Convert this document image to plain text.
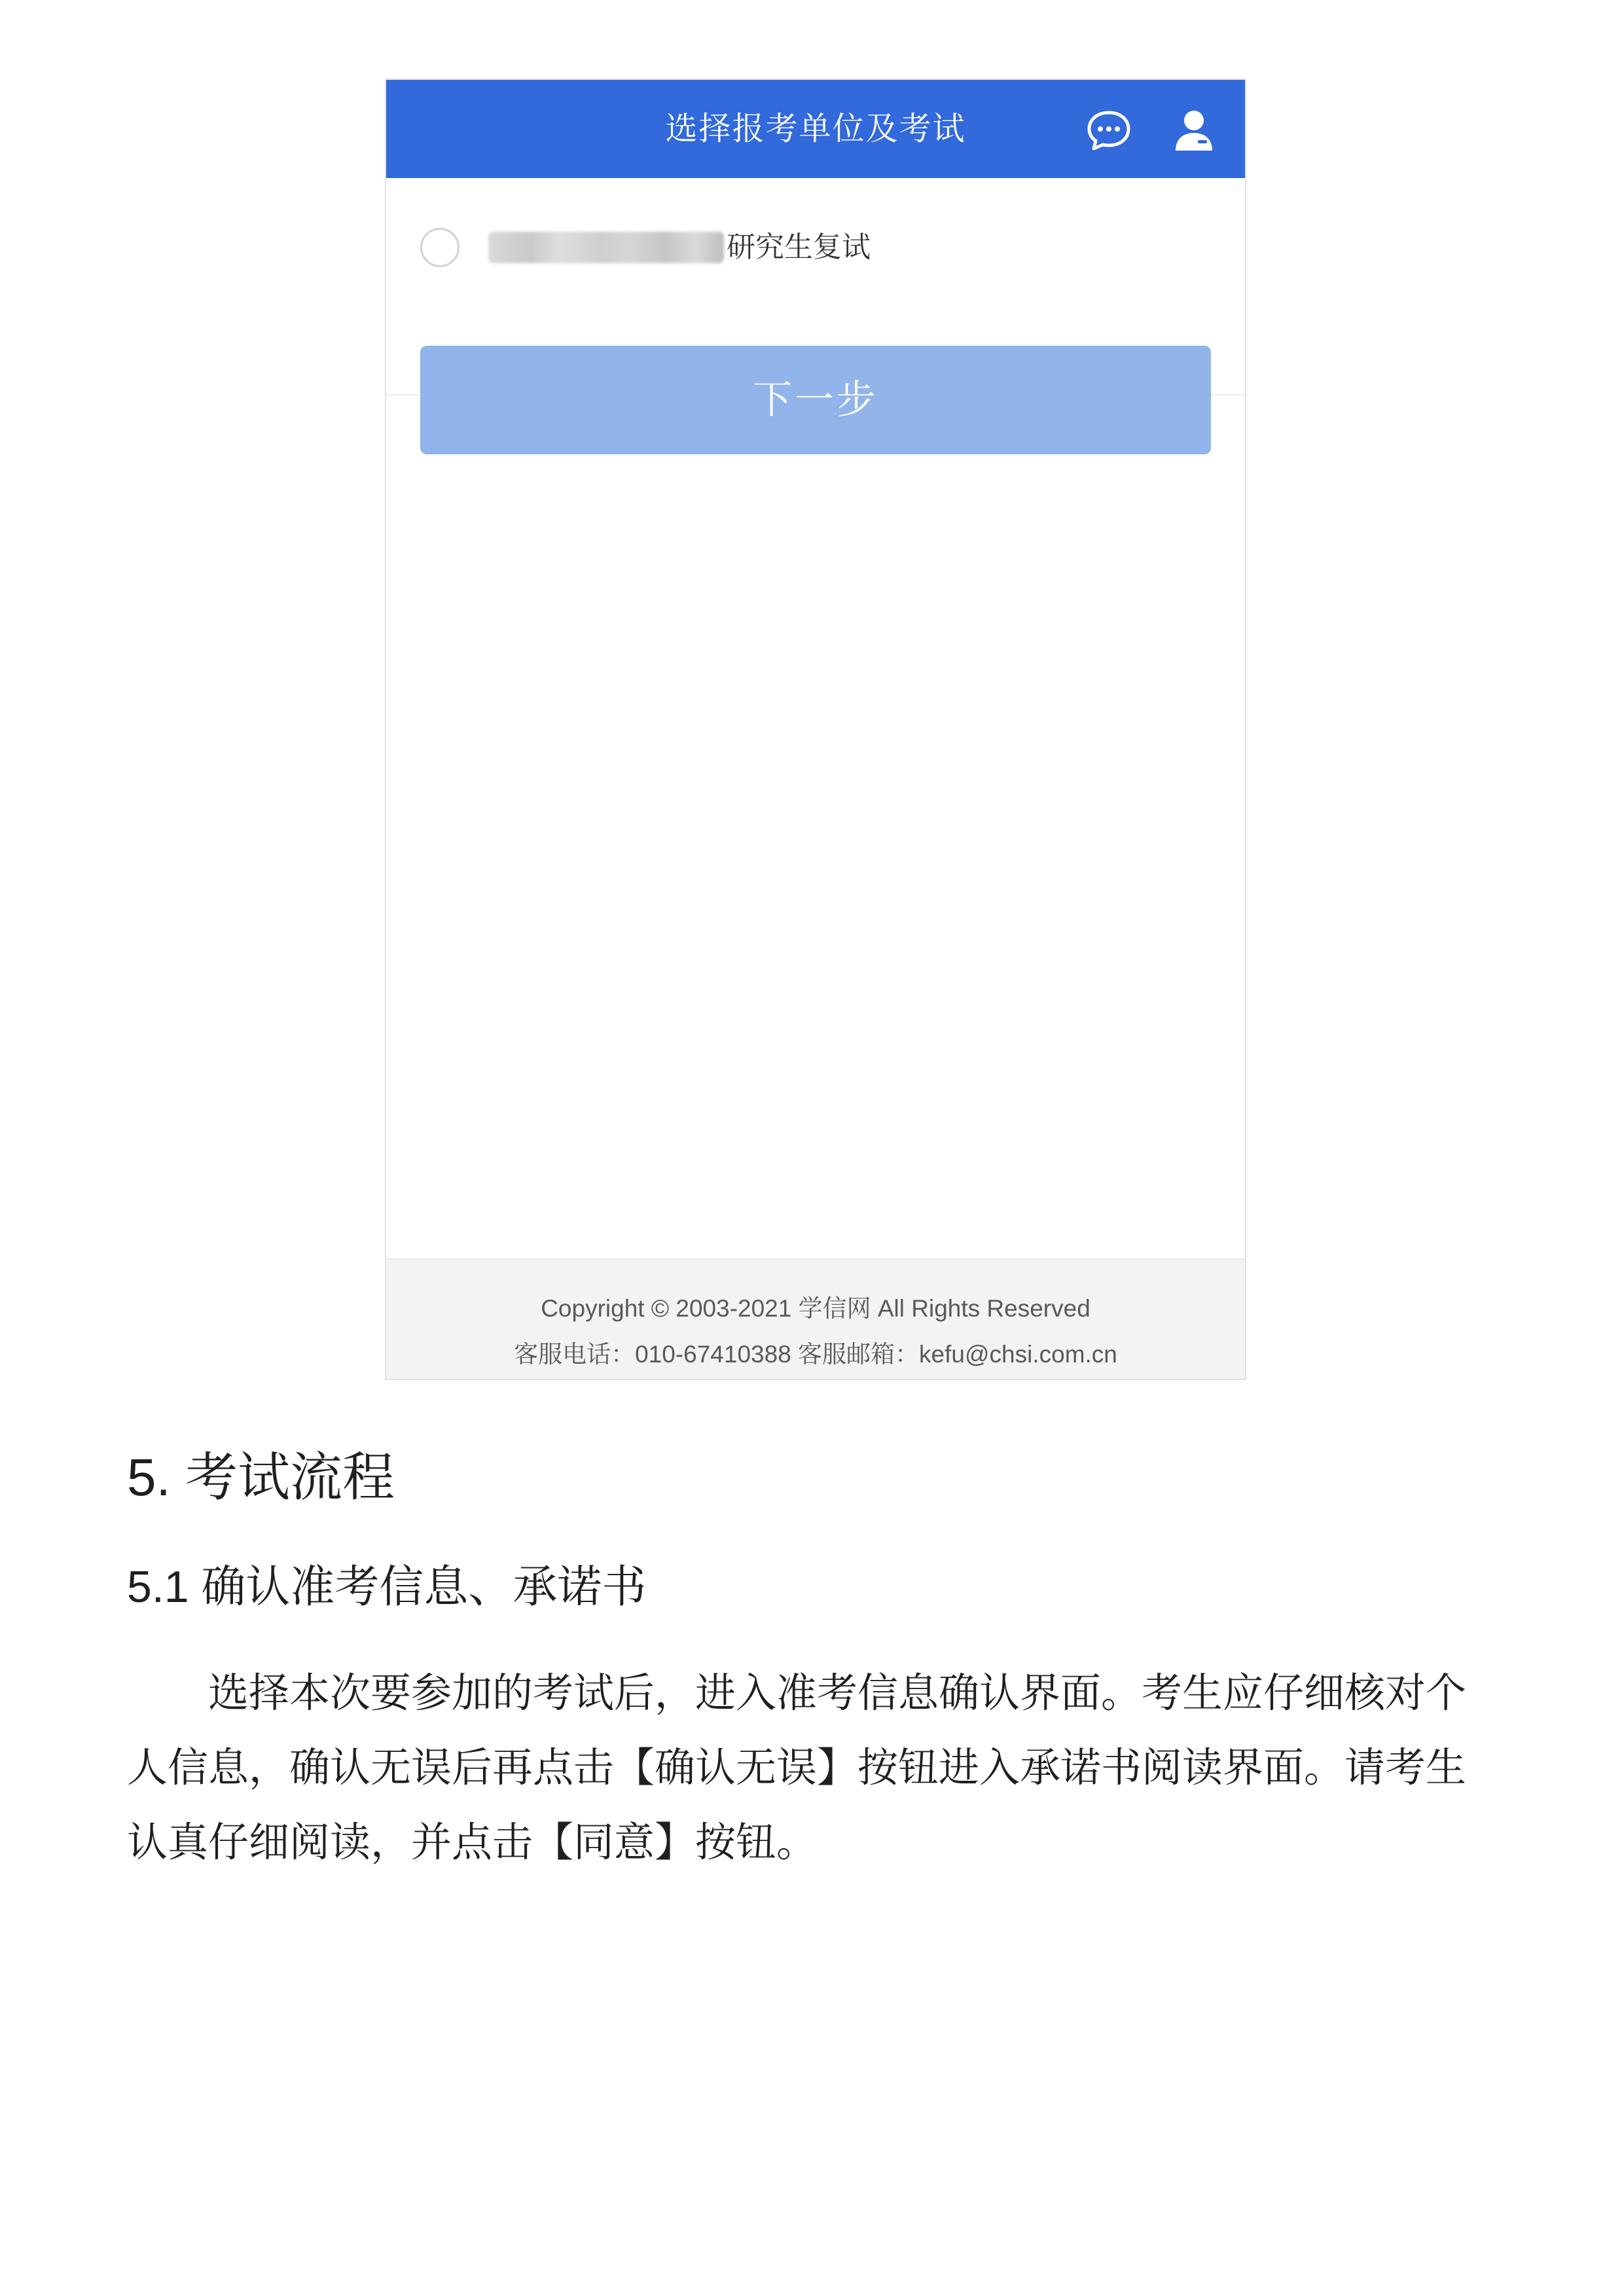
选择报考单位及考试
研究生复试
下一步
Copyright © 2003-2021 学信网 All Rights Reserved
客服电话：010-67410388 客服邮箱：kefu@chsi.com.cn
5. 考试流程
5.1 确认准考信息、承诺书
选择本次要参加的考试后，进入准考信息确认界面。考生应仔细核对个人信息，确认无误后再点击【确认无误】按钮进入承诺书阅读界面。请考生认真仔细阅读，并点击【同意】按钮。
